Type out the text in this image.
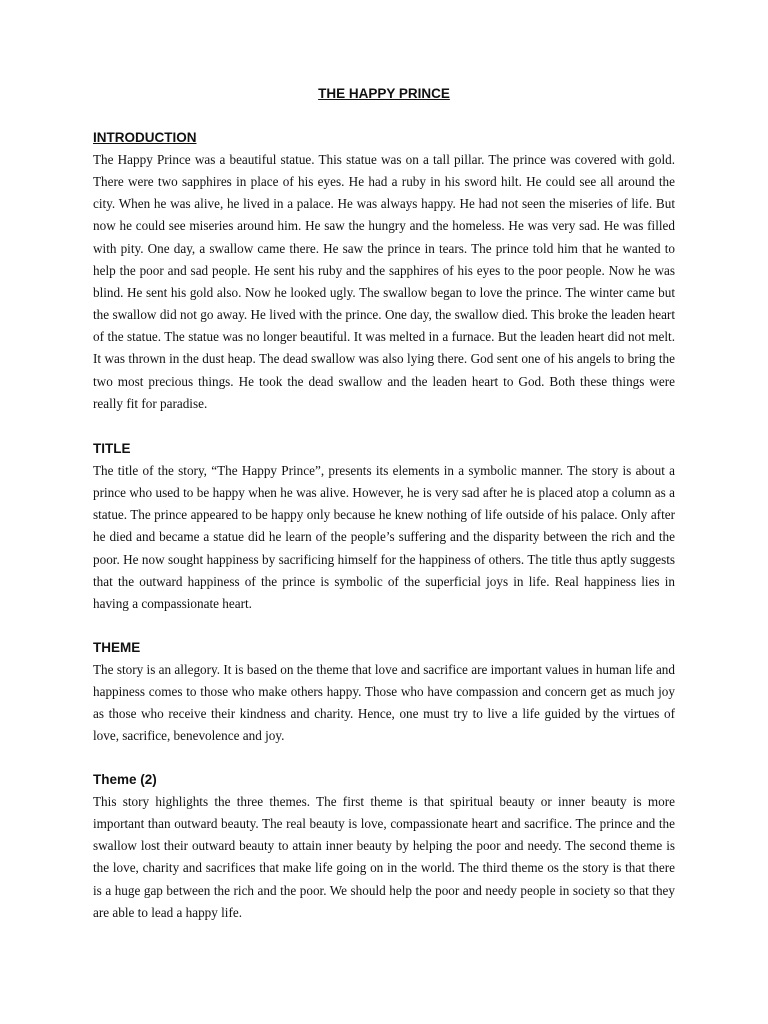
THE HAPPY PRINCE
INTRODUCTION

The Happy Prince was a beautiful statue. This statue was on a tall pillar. The prince was covered with gold. There were two sapphires in place of his eyes. He had a ruby in his sword hilt. He could see all around the city. When he was alive, he lived in a palace. He was always happy. He had not seen the miseries of life. But now he could see miseries around him. He saw the hungry and the homeless. He was very sad. He was filled with pity. One day, a swallow came there. He saw the prince in tears. The prince told him that he wanted to help the poor and sad people. He sent his ruby and the sapphires of his eyes to the poor people. Now he was blind. He sent his gold also. Now he looked ugly. The swallow began to love the prince. The winter came but the swallow did not go away. He lived with the prince. One day, the swallow died. This broke the leaden heart of the statue. The statue was no longer beautiful. It was melted in a furnace. But the leaden heart did not melt. It was thrown in the dust heap. The dead swallow was also lying there. God sent one of his angels to bring the two most precious things. He took the dead swallow and the leaden heart to God. Both these things were really fit for paradise.

TITLE

The title of the story, “The Happy Prince”, presents its elements in a symbolic manner. The story is about a prince who used to be happy when he was alive. However, he is very sad after he is placed atop a column as a statue. The prince appeared to be happy only because he knew nothing of life outside of his palace. Only after he died and became a statue did he learn of the people’s suffering and the disparity between the rich and the poor. He now sought happiness by sacrificing himself for the happiness of others. The title thus aptly suggests that the outward happiness of the prince is symbolic of the superficial joys in life. Real happiness lies in having a compassionate heart.

THEME

The story is an allegory. It is based on the theme that love and sacrifice are important values in human life and happiness comes to those who make others happy. Those who have compassion and concern get as much joy as those who receive their kindness and charity. Hence, one must try to live a life guided by the virtues of love, sacrifice, benevolence and joy.

Theme (2)

This story highlights the three themes. The first theme is that spiritual beauty or inner beauty is more important than outward beauty. The real beauty is love, compassionate heart and sacrifice. The prince and the swallow lost their outward beauty to attain inner beauty by helping the poor and needy. The second theme is the love, charity and sacrifices that make life going on in the world. The third theme os the story is that there is a huge gap between the rich and the poor. We should help the poor and needy people in society so that they are able to lead a happy life.
